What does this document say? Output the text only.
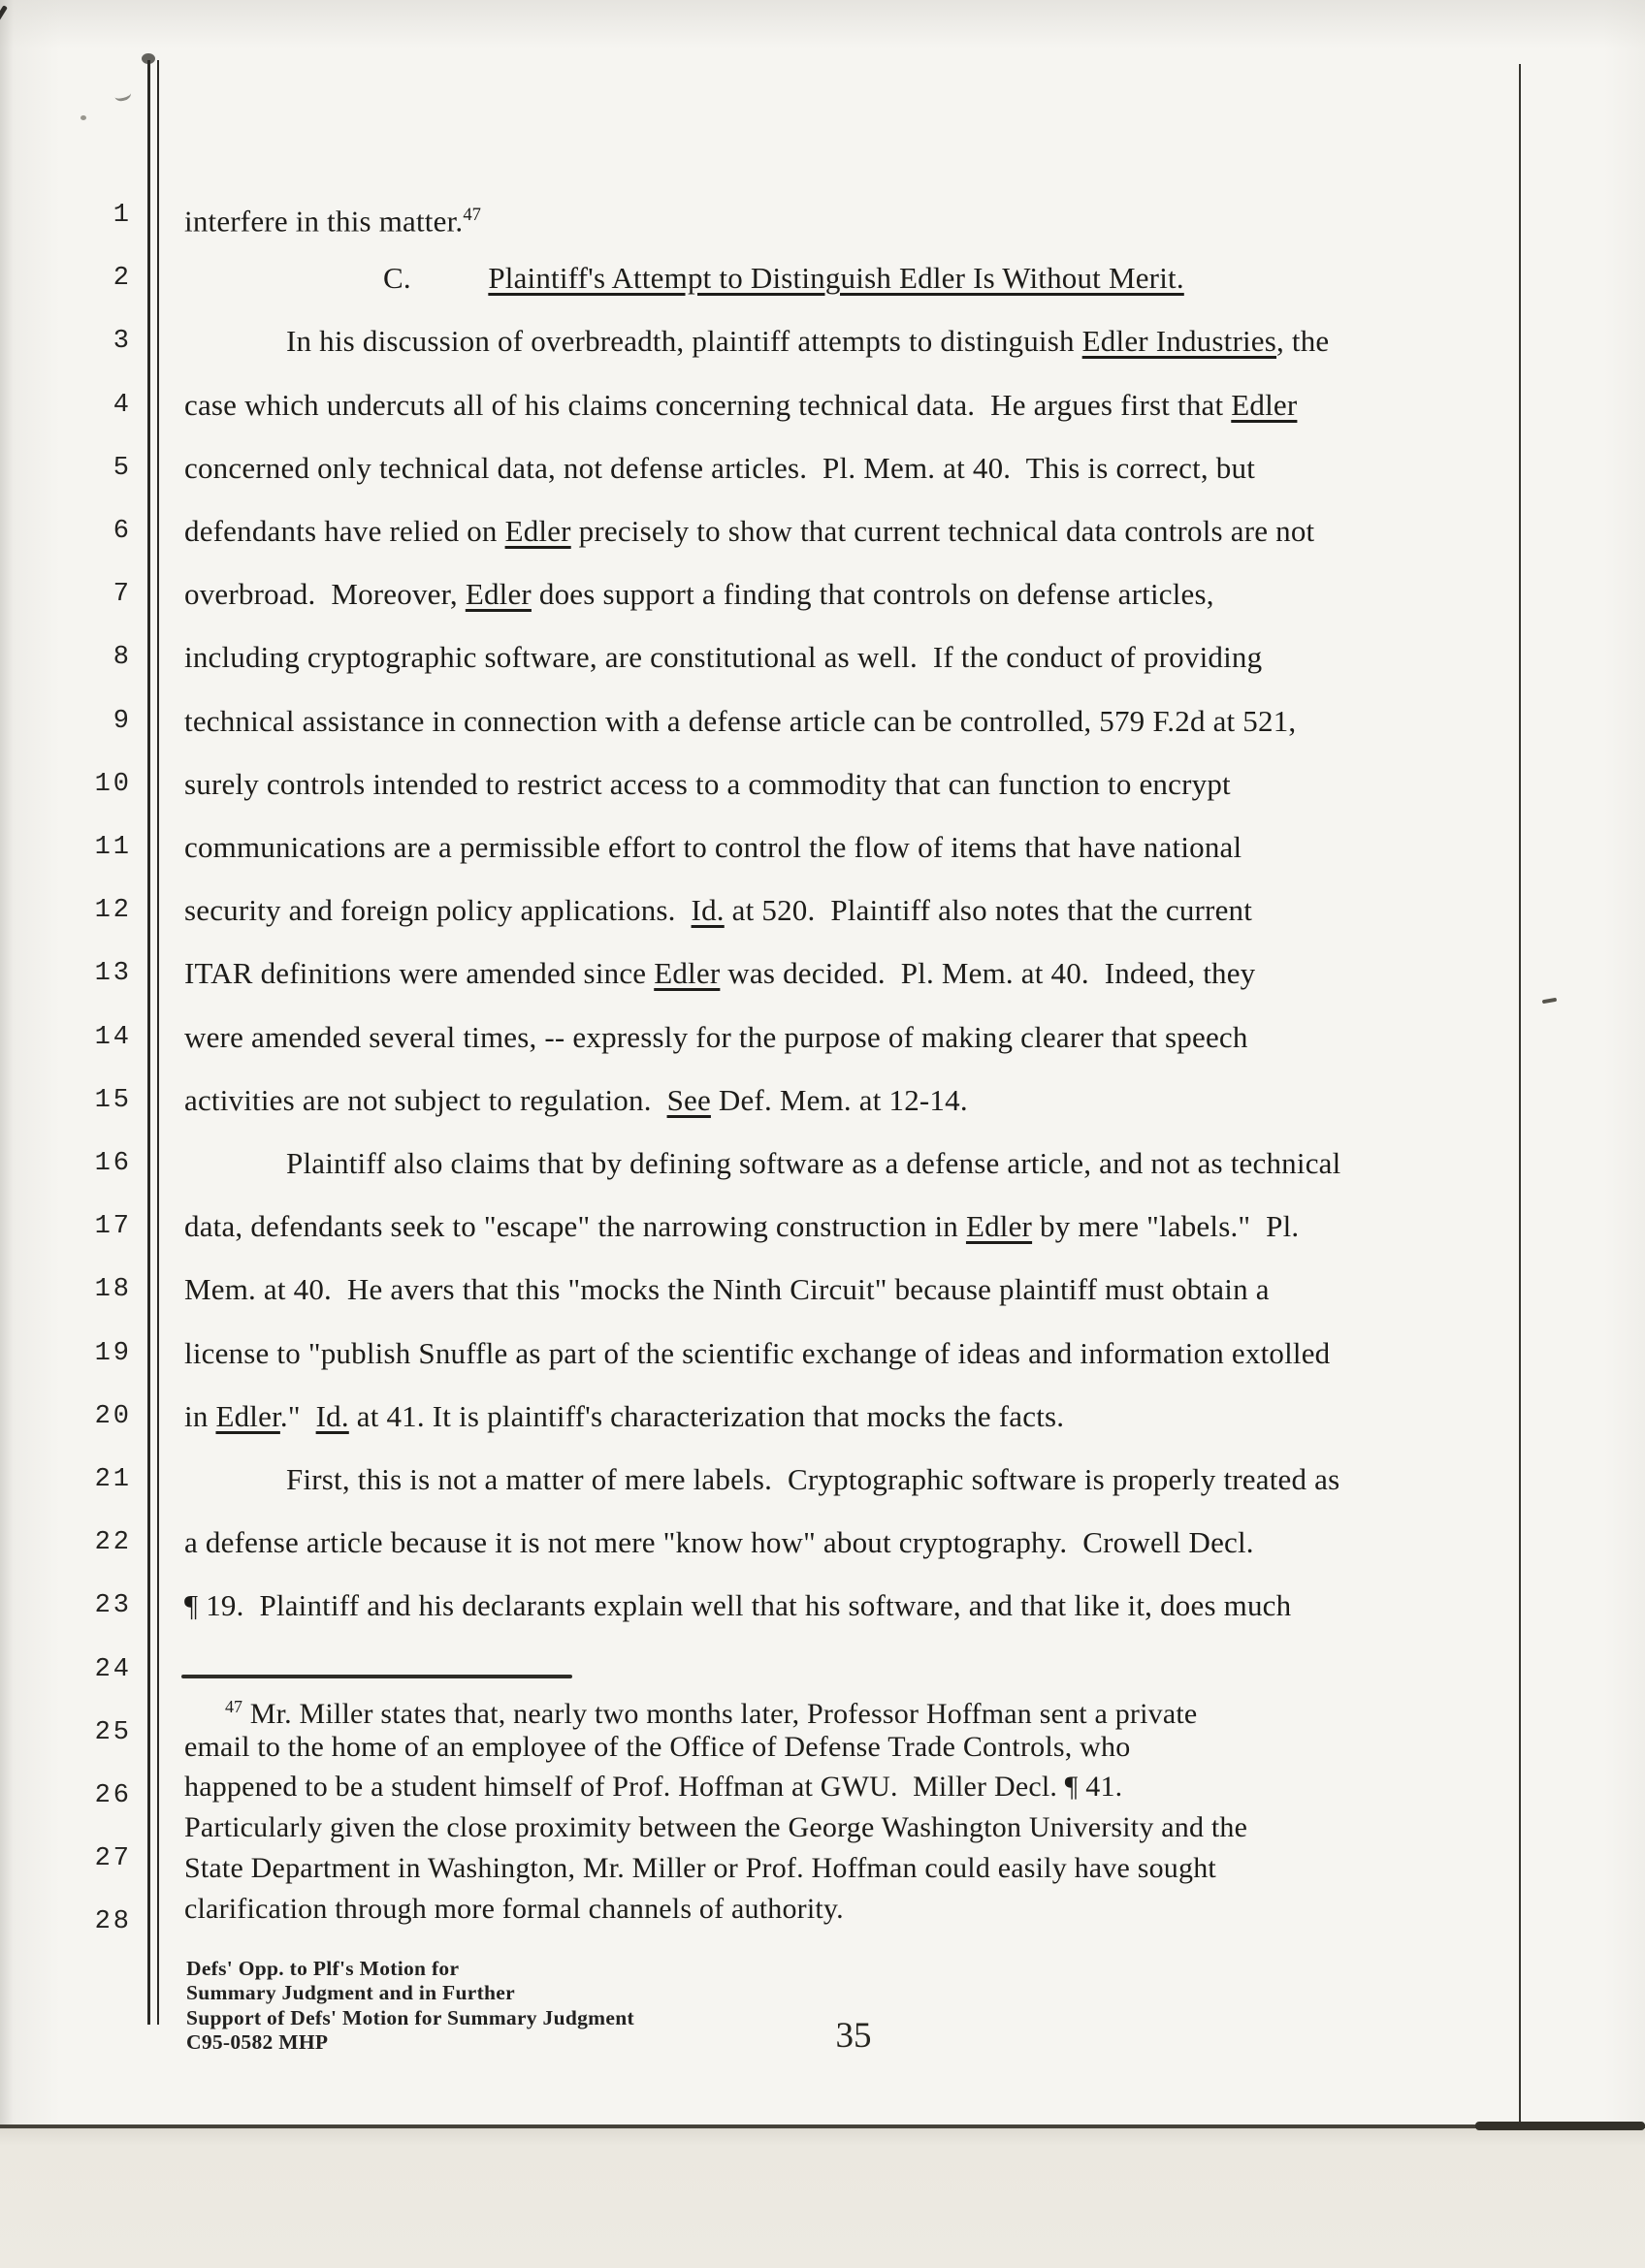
1
2
3
4
5
6
7
8
9
10
11
12
13
14
15
16
17
18
19
20
21
22
23
24
25
26
27
28
interfere in this matter.$^{47}$
C.          Plaintiff's Attempt to Distinguish Edler Is Without Merit.
In his discussion of overbreadth, plaintiff attempts to distinguish Edler Industries, the
case which undercuts all of his claims concerning technical data.  He argues first that Edler
concerned only technical data, not defense articles.  Pl. Mem. at 40.  This is correct, but
defendants have relied on Edler precisely to show that current technical data controls are not
overbroad.  Moreover, Edler does support a finding that controls on defense articles,
including cryptographic software, are constitutional as well.  If the conduct of providing
technical assistance in connection with a defense article can be controlled, 579 F.2d at 521,
surely controls intended to restrict access to a commodity that can function to encrypt
communications are a permissible effort to control the flow of items that have national
security and foreign policy applications.  Id. at 520.  Plaintiff also notes that the current
ITAR definitions were amended since Edler was decided.  Pl. Mem. at 40.  Indeed, they
were amended several times, -- expressly for the purpose of making clearer that speech
activities are not subject to regulation.  See Def. Mem. at 12-14.
Plaintiff also claims that by defining software as a defense article, and not as technical
data, defendants seek to "escape" the narrowing construction in Edler by mere "labels."  Pl.
Mem. at 40.  He avers that this "mocks the Ninth Circuit" because plaintiff must obtain a
license to "publish Snuffle as part of the scientific exchange of ideas and information extolled
in Edler."  Id. at 41. It is plaintiff's characterization that mocks the facts.
First, this is not a matter of mere labels.  Cryptographic software is properly treated as
a defense article because it is not mere "know how" about cryptography.  Crowell Decl.
¶ 19.  Plaintiff and his declarants explain well that his software, and that like it, does much
$^{47}$ Mr. Miller states that, nearly two months later, Professor Hoffman sent a private
email to the home of an employee of the Office of Defense Trade Controls, who
happened to be a student himself of Prof. Hoffman at GWU.  Miller Decl. ¶ 41.
Particularly given the close proximity between the George Washington University and the
State Department in Washington, Mr. Miller or Prof. Hoffman could easily have sought
clarification through more formal channels of authority.
Defs' Opp. to Plf's Motion for
Summary Judgment and in Further
Support of Defs' Motion for Summary Judgment
C95-0582 MHP	35
